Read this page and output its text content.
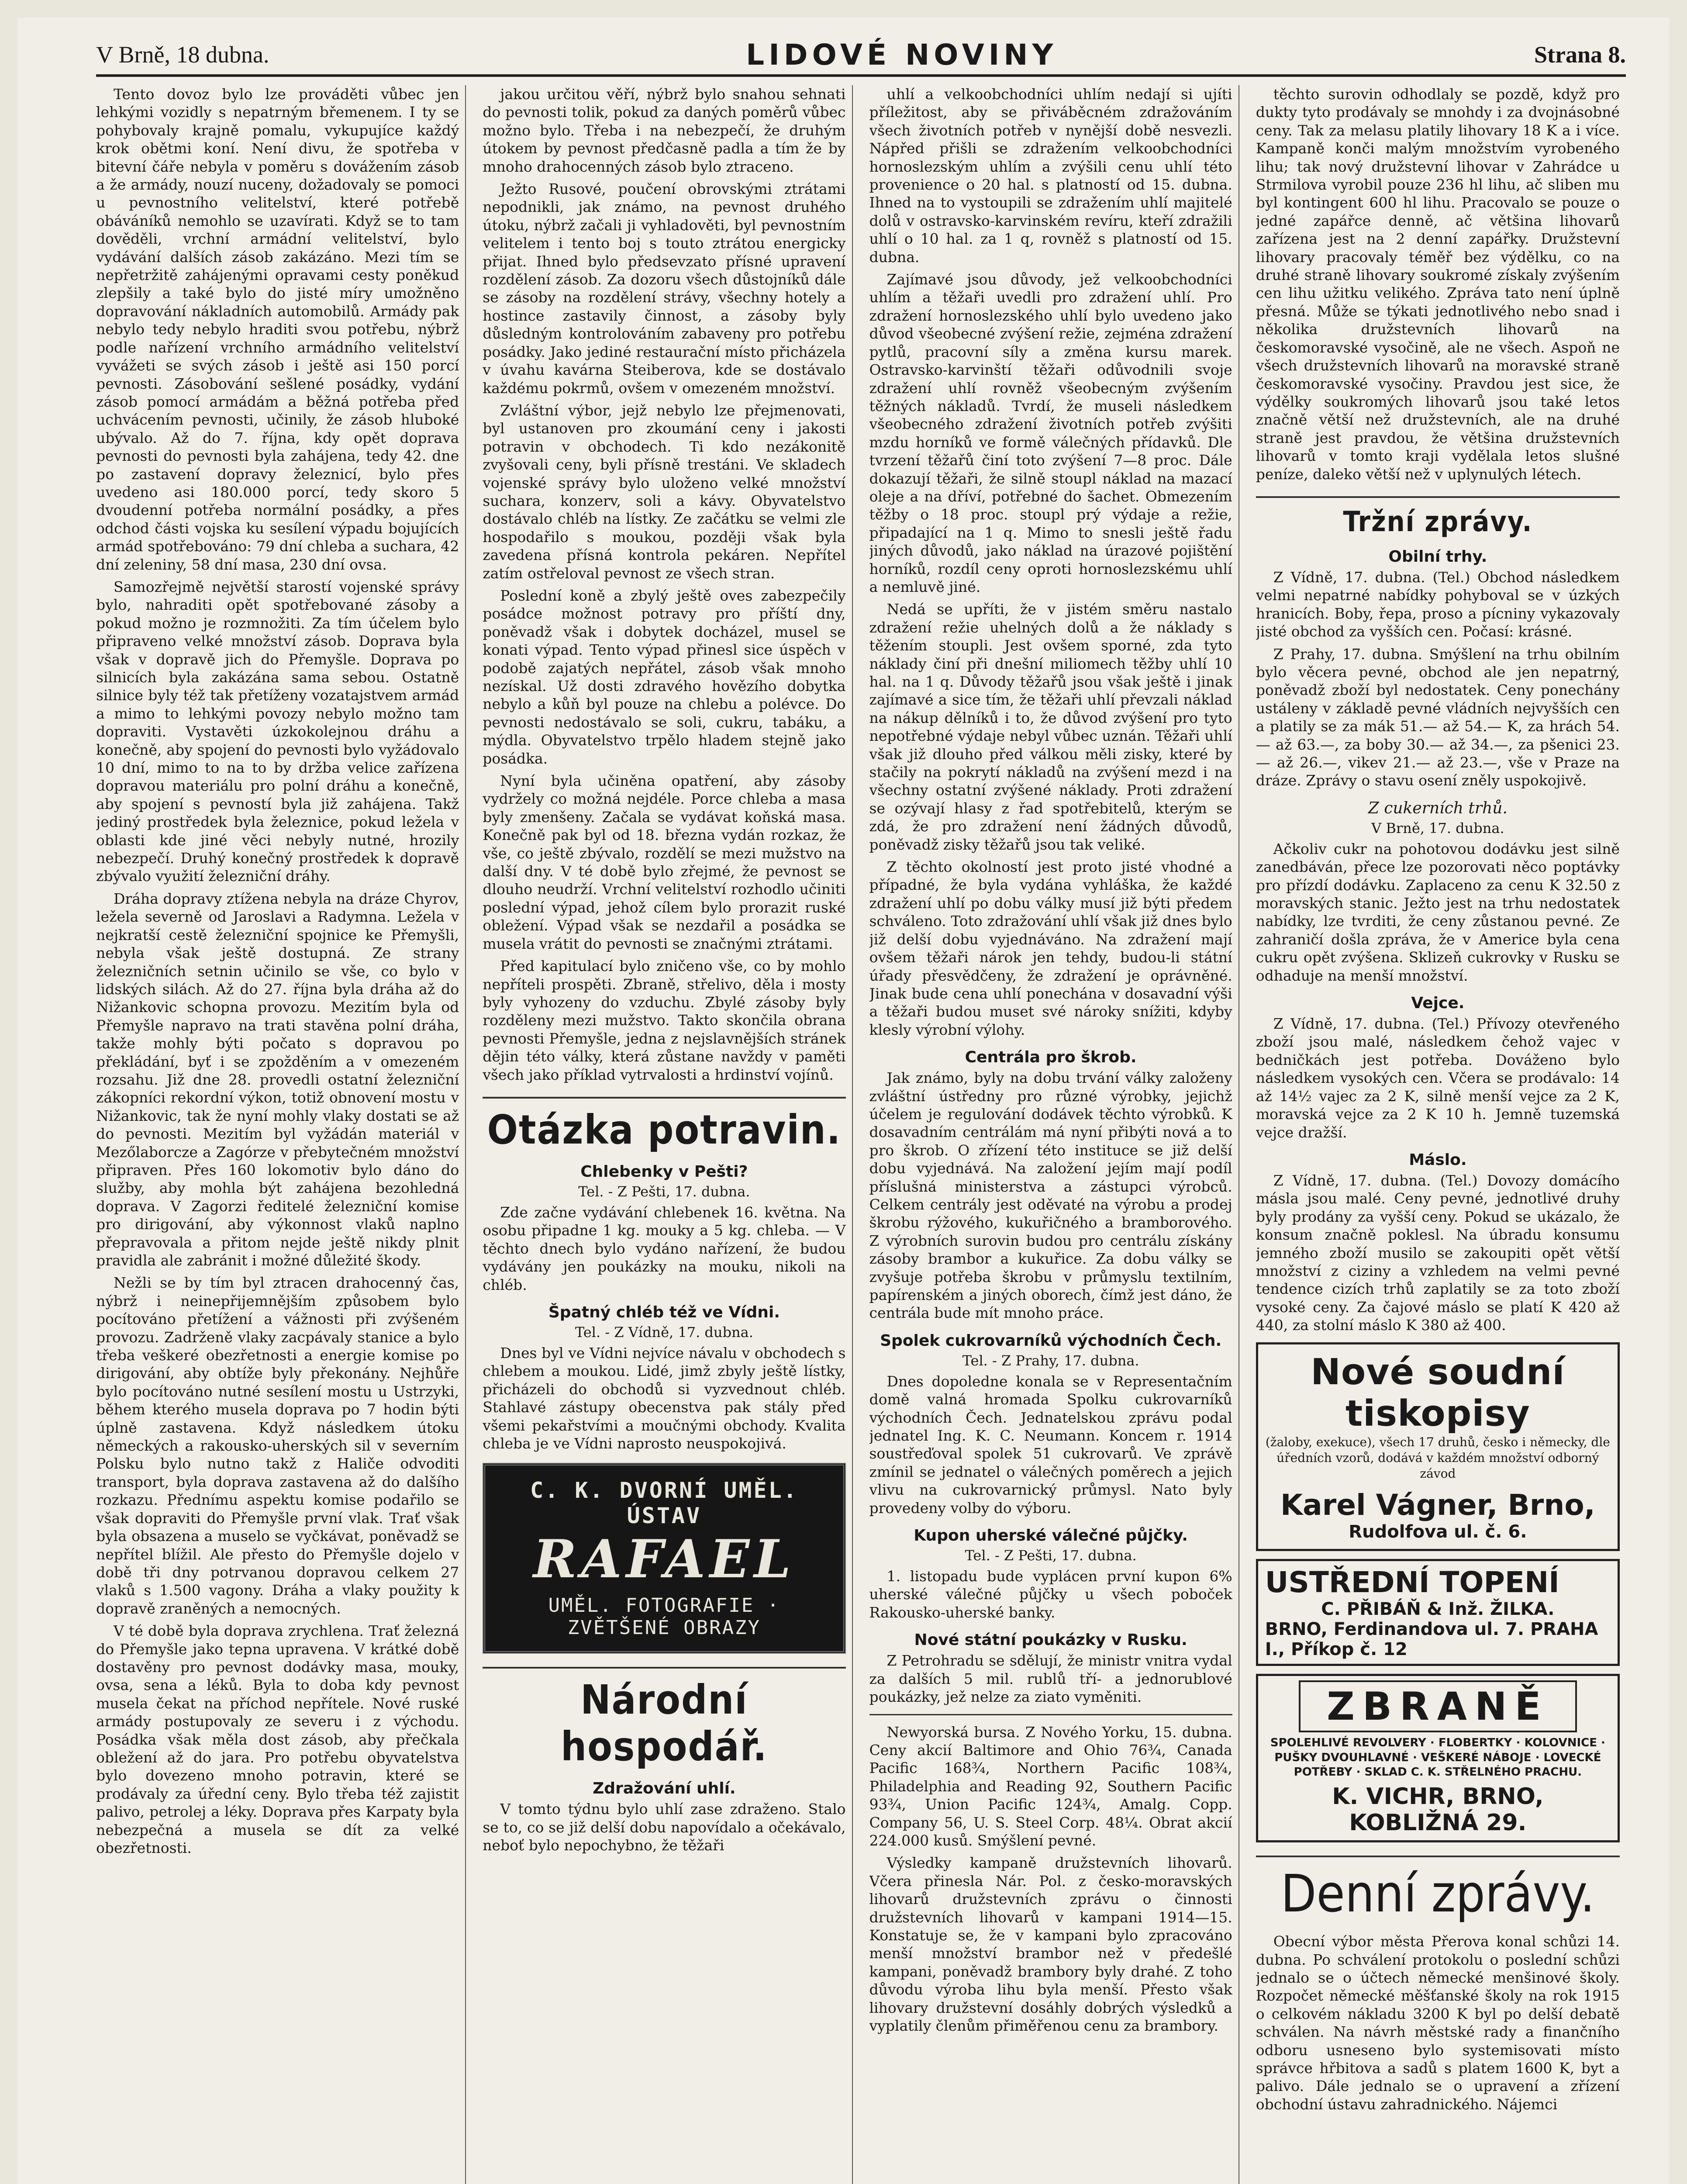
V Brně, 18 dubna.	LIDOVÉ NOVINY	Strana 8.

Tento dovoz bylo lze prováděti vůbec jen lehkými vozidly s nepatrným břemenem. I ty se pohybovaly krajně pomalu, vykupujíce každý krok obětmi koní. Není divu, že spotřeba v bitevní čáře nebyla v poměru s dovážením zásob a že armády, nouzí nuceny, dožadovaly se pomoci u pevnostního velitelství, které potřebě obáváníků nemohlo se uzavírati. Když se to tam dověděli, vrchní armádní velitelství, bylo vydávání dalších zásob zakázáno. Mezi tím se nepřetržitě zahájenými opravami cesty poněkud zlepšily a také bylo do jisté míry umožněno dopravování nákladních automobilů. Armády pak nebylo tedy nebylo hraditi svou potřebu, nýbrž podle nařízení vrchního armádního velitelství vyvážeti se svých zásob i ještě asi 150 porcí pevnosti. Zásobování sešlené posádky, vydání zásob pomocí armádám a běžná potřeba před uchvácením pevnosti, učinily, že zásob hluboké ubývalo. Až do 7. října, kdy opět doprava pevnosti do pevnosti byla zahájena, tedy 42. dne po zastavení dopravy železnicí, bylo přes uvedeno asi 180.000 porcí, tedy skoro 5 dvoudenní potřeba normální posádky, a přes odchod části vojska ku sesílení výpadu bojujících armád spotřebováno: 79 dní chleba a suchara, 42 dní zeleniny, 58 dní masa, 230 dní ovsa.

Samozřejmě největší starostí vojenské správy bylo, nahraditi opět spotřebované zásoby a pokud možno je rozmnožiti. Za tím účelem bylo připraveno velké množství zásob. Doprava byla však v dopravě jich do Přemyšle. Doprava po silnicích byla zakázána sama sebou. Ostatně silnice byly též tak přetíženy vozatajstvem armád a mimo to lehkými povozy nebylo možno tam dopraviti. Vystavěti úzkokolejnou dráhu a konečně, aby spojení do pevnosti bylo vyžádovalo 10 dní, mimo to na to by držba velice zařízena dopravou materiálu pro polní dráhu a konečně, aby spojení s pevností byla již zahájena. Takž jediný prostředek byla železnice, pokud ležela v oblasti kde jiné věci nebyly nutné, hrozily nebezpečí. Druhý konečný prostředek k dopravě zbývalo využití železniční dráhy.

Dráha dopravy ztížena nebyla na dráze Chyrov, ležela severně od Jaroslavi a Radymna. Ležela v nejkratší cestě železniční spojnice ke Přemyšli, nebyla však ještě dostupná. Ze strany železničních setnin učinilo se vše, co bylo v lidských silách. Až do 27. října byla dráha až do Nižankovic schopna provozu. Mezitím byla od Přemyšle napravo na trati stavěna polní dráha, takže mohly býti počato s dopravou po překládání, byť i se zpožděním a v omezeném rozsahu. Již dne 28. provedli ostatní železniční zákopníci rekordní výkon, totiž obnovení mostu v Nižankovic, tak že nyní mohly vlaky dostati se až do pevnosti. Mezitím byl vyžádán materiál v Mezőlaborcze a Zagórze v přebytečném množství připraven. Přes 160 lokomotiv bylo dáno do služby, aby mohla být zahájena bezohledná doprava. V Zagorzi ředitelé železniční komise pro dirigování, aby výkonnost vlaků naplno přepravovala a přitom nejde ještě nikdy plnit pravidla ale zabránit i možné důležité škody.

Nežli se by tím byl ztracen drahocenný čas, nýbrž i neinepřijemnějším způsobem bylo pocítováno přetížení a vážnosti při zvýšeném provozu. Zadrženě vlaky zacpávaly stanice a bylo třeba veškeré obezřetnosti a energie komise po dirigování, aby obtíže byly překonány. Nejhůře bylo pocítováno nutné sesílení mostu u Ustrzyki, během kterého musela doprava po 7 hodin býti úplně zastavena. Když následkem útoku německých a rakousko-uherských sil v severním Polsku bylo nutno takž z Haliče odvoditi transport, byla doprava zastavena až do dalšího rozkazu. Přednímu aspektu komise podařilo se však dopraviti do Přemyšle první vlak. Trať však byla obsazena a muselo se vyčkávat, poněvadž se nepřítel blížil. Ale přesto do Přemyšle dojelo v době tři dny potrvanou dopravou celkem 27 vlaků s 1.500 vagony. Dráha a vlaky použity k dopravě zraněných a nemocných.

V té době byla doprava zrychlena. Trať železná do Přemyšle jako tepna upravena. V krátké době dostavěny pro pevnost dodávky masa, mouky, ovsa, sena a léků. Byla to doba kdy pevnost musela čekat na příchod nepřítele. Nové ruské armády postupovaly ze severu i z východu. Posádka však měla dost zásob, aby přečkala obležení až do jara. Pro potřebu obyvatelstva bylo dovezeno mnoho potravin, které se prodávaly za úřední ceny. Bylo třeba též zajistit palivo, petrolej a léky. Doprava přes Karpaty byla nebezpečná a musela se dít za velké obezřetnosti.

jakou určitou věří, nýbrž bylo snahou sehnati do pevnosti tolik, pokud za daných poměrů vůbec možno bylo. Třeba i na nebezpečí, že druhým útokem by pevnost předčasně padla a tím že by mnoho drahocenných zásob bylo ztraceno.

Ježto Rusové, poučení obrovskými ztrátami nepodnikli, jak známo, na pevnost druhého útoku, nýbrž začali ji vyhladověti, byl pevnostním velitelem i tento boj s touto ztrátou energicky přijat. Ihned bylo předsevzato přísné upravení rozdělení zásob. Za dozoru všech důstojníků dále se zásoby na rozdělení strávy, všechny hotely a hostince zastavily činnost, a zásoby byly důsledným kontrolováním zabaveny pro potřebu posádky. Jako jediné restaurační místo přicházela v úvahu kavárna Steiberova, kde se dostávalo každému pokrmů, ovšem v omezeném množství.

Zvláštní výbor, jejž nebylo lze přejmenovati, byl ustanoven pro zkoumání ceny i jakosti potravin v obchodech. Ti kdo nezákonitě zvyšovali ceny, byli přísně trestáni. Ve skladech vojenské správy bylo uloženo velké množství suchara, konzerv, soli a kávy. Obyvatelstvo dostávalo chléb na lístky. Ze začátku se velmi zle hospodařilo s moukou, později však byla zavedena přísná kontrola pekáren. Nepřítel zatím ostřeloval pevnost ze všech stran.

Poslední koně a zbylý ještě oves zabezpečily posádce možnost potravy pro příští dny, poněvadž však i dobytek docházel, musel se konati výpad. Tento výpad přinesl sice úspěch v podobě zajatých nepřátel, zásob však mnoho nezískal. Už dosti zdravého hovězího dobytka nebylo a kůň byl pouze na chlebu a polévce. Do pevnosti nedostávalo se soli, cukru, tabáku, a mýdla. Obyvatelstvo trpělo hladem stejně jako posádka.

Nyní byla učiněna opatření, aby zásoby vydržely co možná nejdéle. Porce chleba a masa byly zmenšeny. Začala se vydávat koňská masa. Konečně pak byl od 18. března vydán rozkaz, že vše, co ještě zbývalo, rozdělí se mezi mužstvo na další dny. V té době bylo zřejmé, že pevnost se dlouho neudrží. Vrchní velitelství rozhodlo učiniti poslední výpad, jehož cílem bylo prorazit ruské obležení. Výpad však se nezdařil a posádka se musela vrátit do pevnosti se značnými ztrátami.

Před kapitulací bylo zničeno vše, co by mohlo nepříteli prospěti. Zbraně, střelivo, děla i mosty byly vyhozeny do vzduchu. Zbylé zásoby byly rozděleny mezi mužstvo. Takto skončila obrana pevnosti Přemyšle, jedna z nejslavnějších stránek dějin této války, která zůstane navždy v paměti všech jako příklad vytrvalosti a hrdinství vojínů.

Otázka potravin.
Chlebenky v Pešti?
Tel. - Z Pešti, 17. dubna.

Zde začne vydávání chlebenek 16. května. Na osobu připadne 1 kg. mouky a 5 kg. chleba. — V těchto dnech bylo vydáno nařízení, že budou vydávány jen poukázky na mouku, nikoli na chléb.

Špatný chléb též ve Vídni.
Tel. - Z Vídně, 17. dubna.

Dnes byl ve Vídni nejvíce návalu v obchodech s chlebem a moukou. Lidé, jimž zbyly ještě lístky, přicházeli do obchodů si vyzvednout chléb. Stahlavé zástupy obecenstva pak stály před všemi pekařstvími a moučnými obchody. Kvalita chleba je ve Vídni naprosto neuspokojivá.

C. K. DVORNÍ UMĚL. ÚSTAV
RAFAEL
UMĚL. FOTOGRAFIE · ZVĚTŠENÉ OBRAZY
Národní hospodář.
Zdražování uhlí.

V tomto týdnu bylo uhlí zase zdraženo. Stalo se to, co se již delší dobu napovídalo a očekávalo, neboť bylo nepochybno, že těžaři

uhlí a velkoobchodníci uhlím nedají si ujíti příležitost, aby se přiváběcném zdražováním všech životních potřeb v nynější době nesvezli. Nápřed přišli se zdražením velkoobchodníci hornoslezským uhlím a zvýšili cenu uhlí této provenience o 20 hal. s platností od 15. dubna. Ihned na to vystoupili se zdražením uhlí majitelé dolů v ostravsko-karvinském revíru, kteří zdražili uhlí o 10 hal. za 1 q, rovněž s platností od 15. dubna.

Zajímavé jsou důvody, jež velkoobchodníci uhlím a těžaři uvedli pro zdražení uhlí. Pro zdražení hornoslezského uhlí bylo uvedeno jako důvod všeobecné zvýšení režie, zejména zdražení pytlů, pracovní síly a změna kursu marek. Ostravsko-karvinští těžaři odůvodnili svoje zdražení uhlí rovněž všeobecným zvýšením těžných nákladů. Tvrdí, že museli následkem všeobecného zdražení životních potřeb zvýšiti mzdu horníků ve formě válečných přídavků. Dle tvrzení těžařů činí toto zvýšení 7—8 proc. Dále dokazují těžaři, že silně stoupl náklad na mazací oleje a na dříví, potřebné do šachet. Obmezením těžby o 18 proc. stoupl prý výdaje a režie, připadající na 1 q. Mimo to snesli ještě řadu jiných důvodů, jako náklad na úrazové pojištění horníků, rozdíl ceny oproti hornoslezskému uhlí a nemluvě jiné.

Nedá se upříti, že v jistém směru nastalo zdražení režie uhelných dolů a že náklady s těžením stoupli. Jest ovšem sporné, zda tyto náklady činí při dnešní miliomech těžby uhlí 10 hal. na 1 q. Důvody těžařů jsou však ještě i jinak zajímavé a sice tím, že těžaři uhlí převzali náklad na nákup dělníků i to, že důvod zvýšení pro tyto nepotřebné výdaje nebyl vůbec uznán. Těžaři uhlí však již dlouho před válkou měli zisky, které by stačily na pokrytí nákladů na zvýšení mezd i na všechny ostatní zvýšené náklady. Proti zdražení se ozývají hlasy z řad spotřebitelů, kterým se zdá, že pro zdražení není žádných důvodů, poněvadž zisky těžařů jsou tak veliké.

Z těchto okolností jest proto jisté vhodné a případné, že byla vydána vyhláška, že každé zdražení uhlí po dobu války musí již býti předem schváleno. Toto zdražování uhlí však již dnes bylo již delší dobu vyjednáváno. Na zdražení mají ovšem těžaři nárok jen tehdy, budou-li státní úřady přesvědčeny, že zdražení je oprávněné. Jinak bude cena uhlí ponechána v dosavadní výši a těžaři budou muset své nároky snížiti, kdyby klesly výrobní výlohy.

Centrála pro škrob.

Jak známo, byly na dobu trvání války založeny zvláštní ústředny pro různé výrobky, jejichž účelem je regulování dodávek těchto výrobků. K dosavadním centrálám má nyní přibýti nová a to pro škrob. O zřízení této instituce se již delší dobu vyjednává. Na založení jejím mají podíl příslušná ministerstva a zástupci výrobců. Celkem centrály jest oděvaté na výrobu a prodej škrobu rýžového, kukuřičného a bramborového. Z výrobních surovin budou pro centrálu získány zásoby brambor a kukuřice. Za dobu války se zvyšuje potřeba škrobu v průmyslu textilním, papírenském a jiných oborech, čímž jest dáno, že centrála bude mít mnoho práce.

Spolek cukrovarníků východních Čech.
Tel. - Z Prahy, 17. dubna.

Dnes dopoledne konala se v Representačním domě valná hromada Spolku cukrovarníků východních Čech. Jednatelskou zprávu podal jednatel Ing. K. C. Neumann. Koncem r. 1914 soustřeďoval spolek 51 cukrovarů. Ve zprávě zmínil se jednatel o válečných poměrech a jejich vlivu na cukrovarnický průmysl. Nato byly provedeny volby do výboru.

Kupon uherské válečné půjčky.
Tel. - Z Pešti, 17. dubna.

1. listopadu bude vyplácen první kupon 6% uherské válečné půjčky u všech poboček Rakousko-uherské banky.

Nové státní poukázky v Rusku.

Z Petrohradu se sdělují, že ministr vnitra vydal za dalších 5 mil. rublů tří- a jednorublové poukázky, jež nelze za ziato vyměniti.

Newyorská bursa. Z Nového Yorku, 15. dubna. Ceny akcií Baltimore and Ohio 76¾, Canada Pacific 168¾, Northern Pacific 108¾, Philadelphia and Reading 92, Southern Pacific 93¾, Union Pacific 124¾, Amalg. Copp. Company 56, U. S. Steel Corp. 48¼. Obrat akcií 224.000 kusů. Smýšlení pevné.

Výsledky kampaně družstevních lihovarů. Včera přinesla Nár. Pol. z česko-moravských lihovarů družstevních zprávu o činnosti družstevních lihovarů v kampani 1914—15. Konstatuje se, že v kampani bylo zpracováno menší množství brambor než v předešlé kampani, poněvadž brambory byly drahé. Z toho důvodu výroba lihu byla menší. Přesto však lihovary družstevní dosáhly dobrých výsledků a vyplatily členům přiměřenou cenu za brambory.

těchto surovin odhodlaly se pozdě, když pro dukty tyto prodávaly se mnohdy i za dvojnásobné ceny. Tak za melasu platily lihovary 18 K a i více. Kampaně konči malým množstvím vyrobeného lihu; tak nový družstevní lihovar v Zahrádce u Strmilova vyrobil pouze 236 hl lihu, ač sliben mu byl kontingent 600 hl lihu. Pracovalo se pouze o jedné zapářce denně, ač většina lihovarů zařízena jest na 2 denní zapářky. Družstevní lihovary pracovaly téměř bez výdělku, co na druhé straně lihovary soukromé získaly zvýšením cen lihu užitku velikého. Zpráva tato není úplně přesná. Může se týkati jednotlivého nebo snad i několika družstevních lihovarů na českomoravské vysočině, ale ne všech. Aspoň ne všech družstevních lihovarů na moravské straně českomoravské vysočiny. Pravdou jest sice, že výdělky soukromých lihovarů jsou také letos značně větší než družstevních, ale na druhé straně jest pravdou, že většina družstevních lihovarů v tomto kraji vydělala letos slušné peníze, daleko větší než v uplynulých létech.

Tržní zprávy.
Obilní trhy.

Z Vídně, 17. dubna. (Tel.) Obchod následkem velmi nepatrné nabídky pohyboval se v úzkých hranicích. Boby, řepa, proso a pícniny vykazovaly jisté obchod za vyšších cen. Počasí: krásné.

Z Prahy, 17. dubna. Smýšlení na trhu obilním bylo věcera pevné, obchod ale jen nepatrný, poněvadž zboží byl nedostatek. Ceny ponechány ustáleny v základě pevné vládních nejvyšších cen a platily se za mák 51.— až 54.— K, za hrách 54.— až 63.—, za boby 30.— až 34.—, za pšenici 23.— až 26.—, vikev 21.— až 23.—, vše v Praze na dráze. Zprávy o stavu osení zněly uspokojivě.

Z cukerních trhů.
V Brně, 17. dubna.

Ačkoliv cukr na pohotovou dodávku jest silně zanedbáván, přece lze pozorovati něco poptávky pro přízdí dodávku. Zaplaceno za cenu K 32.50 z moravských stanic. Ježto jest na trhu nedostatek nabídky, lze tvrditi, že ceny zůstanou pevné. Ze zahraničí došla zpráva, že v Americe byla cena cukru opět zvýšena. Sklizeň cukrovky v Rusku se odhaduje na menší množství.

Vejce.

Z Vídně, 17. dubna. (Tel.) Přívozy otevřeného zboží jsou malé, následkem čehož vajec v bedničkách jest potřeba. Dováženo bylo následkem vysokých cen. Včera se prodávalo: 14 až 14½ vajec za 2 K, silně menší vejce za 2 K, moravská vejce za 2 K 10 h. Jemně tuzemská vejce dražší.

Máslo.

Z Vídně, 17. dubna. (Tel.) Dovozy domácího másla jsou malé. Ceny pevné, jednotlivé druhy byly prodány za vyšší ceny. Pokud se ukázalo, že konsum značně poklesl. Na úbradu konsumu jemného zboží musilo se zakoupiti opět větší množství z ciziny a vzhledem na velmi pevné tendence cizích trhů zaplatily se za toto zboží vysoké ceny. Za čajové máslo se platí K 420 až 440, za stolní máslo K 380 až 400.

Nové soudní tiskopisy
(žaloby, exekuce), všech 17 druhů, česko i německy, dle úředních vzorů, dodává v každém množství odborný závod
Karel Vágner, Brno,
Rudolfova ul. č. 6.
USTŘEDNÍ TOPENÍ
C. PŘIBÁŇ & Inž. ŽILKA.
BRNO, Ferdinandova ul. 7. PRAHA I., Příkop č. 12
ZBRANĚ
SPOLEHLIVÉ REVOLVERY · FLOBERTKY · KOLOVNICE · PUŠKY DVOUHLAVNÉ · VEŠKERÉ NÁBOJE · LOVECKÉ POTŘEBY · SKLAD C. K. STŘELNÉHO PRACHU.
K. VICHR, BRNO, KOBLIŽNÁ 29.
Denní zprávy.

Obecní výbor města Přerova konal schůzi 14. dubna. Po schválení protokolu o poslední schůzi jednalo se o účtech německé menšinové školy. Rozpočet německé měšťanské školy na rok 1915 o celkovém nákladu 3200 K byl po delší debatě schválen. Na návrh městské rady a finančního odboru usneseno bylo systemisovati místo správce hřbitova a sadů s platem 1600 K, byt a palivo. Dále jednalo se o upravení a zřízení obchodní ústavu zahradnického. Nájemci
